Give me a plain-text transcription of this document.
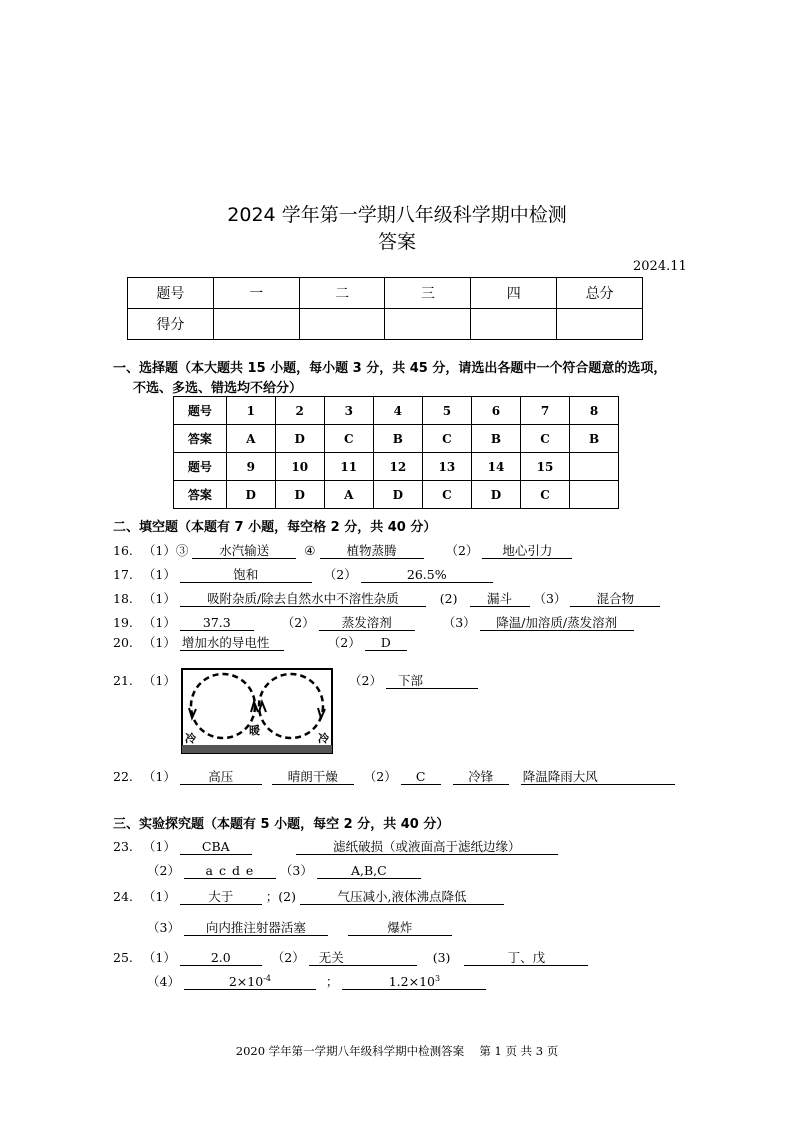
2024 学年第一学期八年级科学期中检测
答案
2024.11
题号	一	二	三	四	总分
得分					
一、选择题（本大题共 15 小题，每小题 3 分，共 45 分，请选出各题中一个符合题意的选项，
不选、多选、错选均不给分）
题号	1	2	3	4	5	6	7	8
答案	A	D	C	B	C	B	C	B
题号	9	10	11	12	13	14	15	
答案	D	D	A	D	C	D	C	
二、填空题（本题有 7 小题，每空格 2 分，共 40 分）
16. （1）③ 水汽输送	④ 植物蒸腾	（2） 地心引力
17. （1）	饱和	（2）	26.5%
18. （1） 吸附杂质/除去自然水中不溶性杂质	(2) 漏斗 （3） 混合物
19. （1） 37.3	（2） 蒸发溶剂	（3） 降温/加溶质/蒸发溶剂
20. （1） 增加水的导电性	（2） D
21. （1）
冷
暖
冷
（2） 下部
22. （1）	高压	晴朗干燥 （2） C	冷锋 降温降雨大风
三、实验探究题（本题有 5 小题，每空 2 分，共 40 分）
23. （1） CBA	滤纸破损（或液面高于滤纸边缘）
（2） a c d e （3）	A,B,C
24. （1）	大于	；(2)	气压减小,液体沸点降低
（3） 向内推注射器活塞	爆炸
25. （1）	2.0	（2） 无关	(3)	丁、戊
（4）	$2\times 10^{-4}$	；	$1.2\times 10^3$
2020 学年第一学期八年级科学期中检测答案　 第 1 页 共 3 页
